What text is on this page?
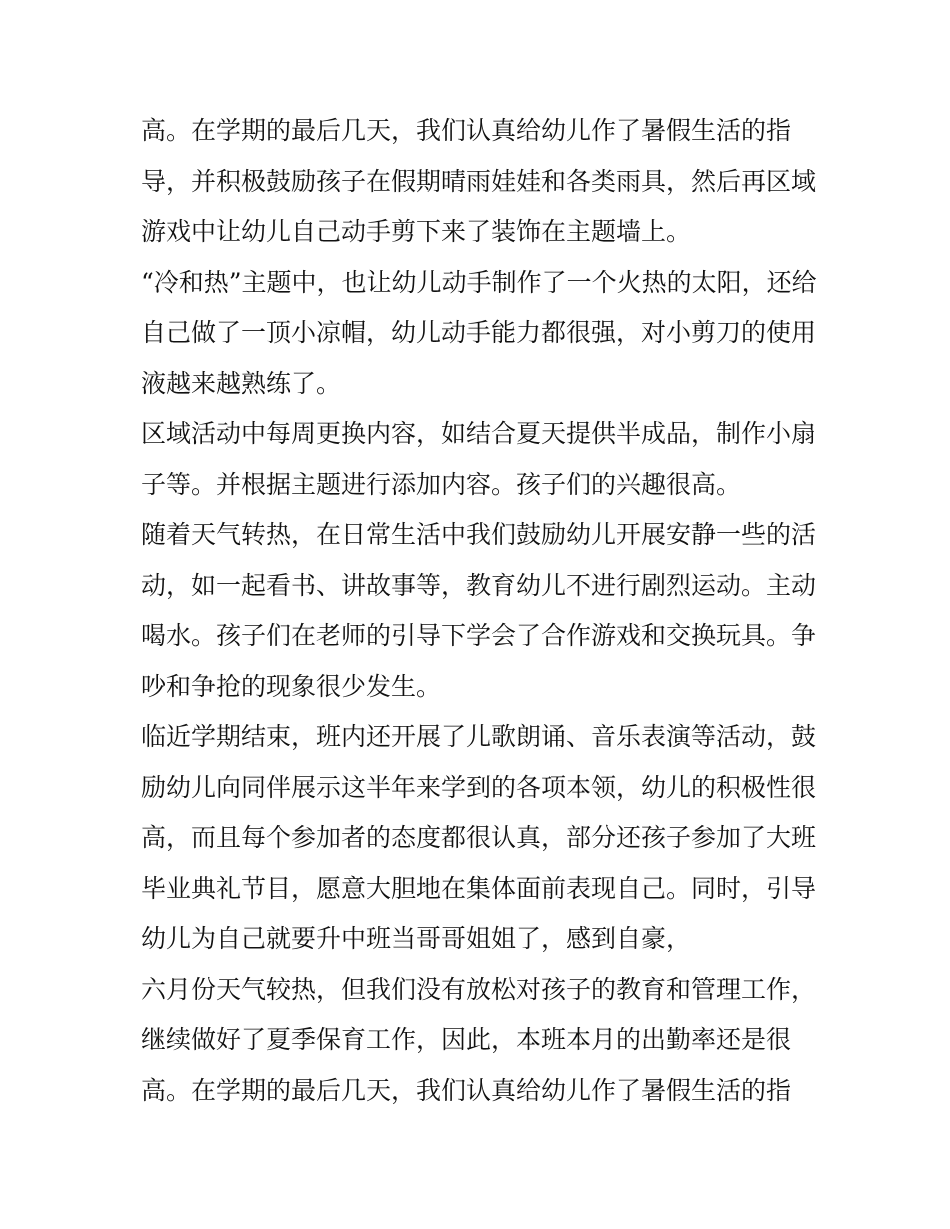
高。在学期的最后几天，我们认真给幼儿作了暑假生活的指
导，并积极鼓励孩子在假期晴雨娃娃和各类雨具，然后再区域
游戏中让幼儿自己动手剪下来了装饰在主题墙上。
“冷和热”主题中，也让幼儿动手制作了一个火热的太阳，还给
自己做了一顶小凉帽，幼儿动手能力都很强，对小剪刀的使用
液越来越熟练了。
区域活动中每周更换内容，如结合夏天提供半成品，制作小扇
子等。并根据主题进行添加内容。孩子们的兴趣很高。
随着天气转热，在日常生活中我们鼓励幼儿开展安静一些的活
动，如一起看书、讲故事等，教育幼儿不进行剧烈运动。主动
喝水。孩子们在老师的引导下学会了合作游戏和交换玩具。争
吵和争抢的现象很少发生。
临近学期结束，班内还开展了儿歌朗诵、音乐表演等活动，鼓
励幼儿向同伴展示这半年来学到的各项本领，幼儿的积极性很
高，而且每个参加者的态度都很认真，部分还孩子参加了大班
毕业典礼节目，愿意大胆地在集体面前表现自己。同时，引导
幼儿为自己就要升中班当哥哥姐姐了，感到自豪，
六月份天气较热，但我们没有放松对孩子的教育和管理工作，
继续做好了夏季保育工作，因此，本班本月的出勤率还是很
高。在学期的最后几天，我们认真给幼儿作了暑假生活的指
